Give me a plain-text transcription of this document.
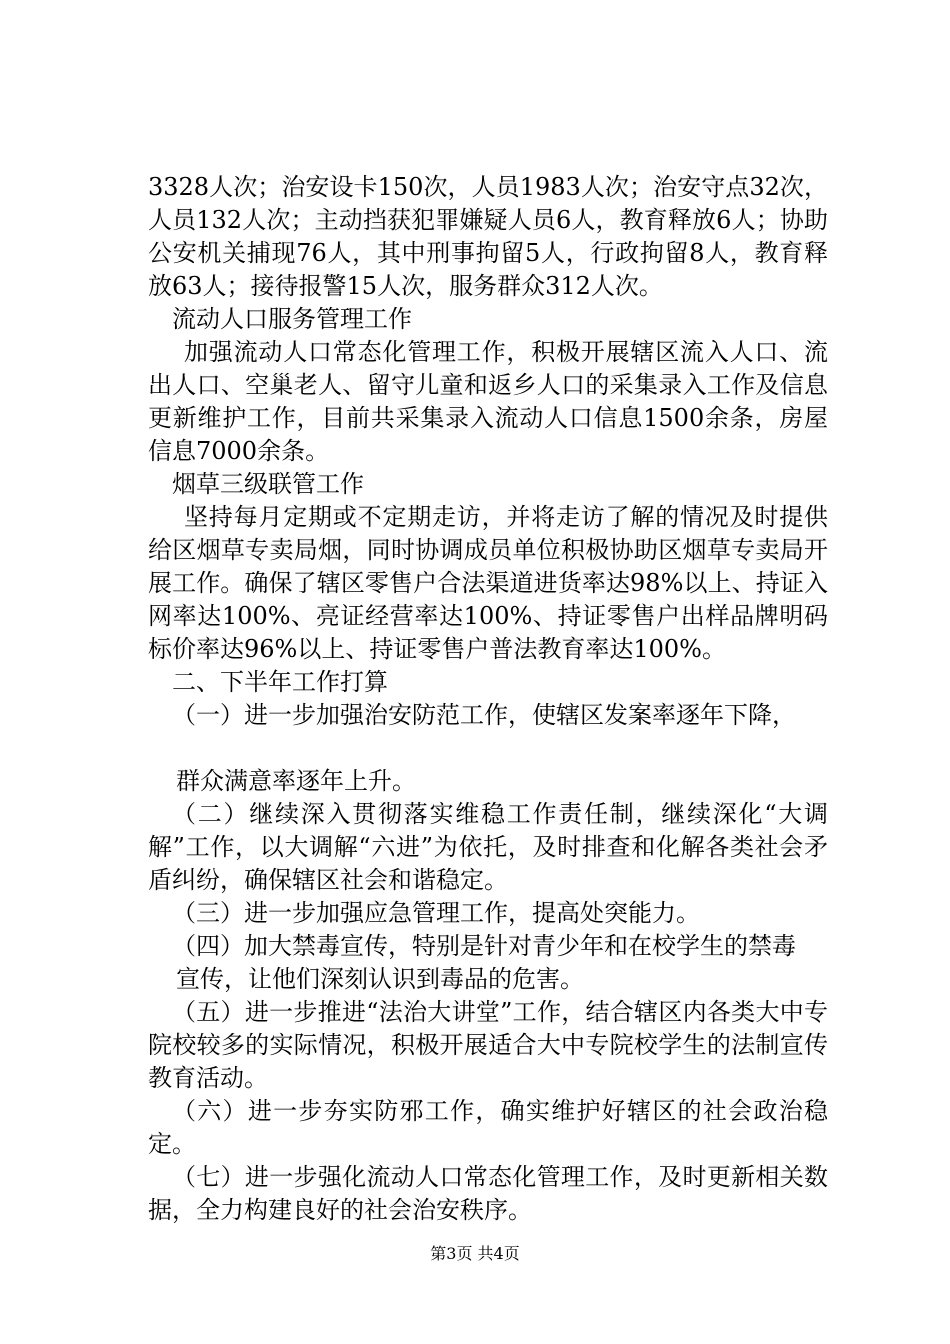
3328人次；治安设卡150次，人员1983人次；治安守点32次，人员132人次；主动挡获犯罪嫌疑人员6人，教育释放6人；协助公安机关捕现76人，其中刑事拘留5人，行政拘留8人，教育释放63人；接待报警15人次，服务群众312人次。

流动人口服务管理工作

加强流动人口常态化管理工作，积极开展辖区流入人口、流出人口、空巢老人、留守儿童和返乡人口的采集录入工作及信息更新维护工作，目前共采集录入流动人口信息1500余条，房屋信息7000余条。

烟草三级联管工作

坚持每月定期或不定期走访，并将走访了解的情况及时提供给区烟草专卖局烟，同时协调成员单位积极协助区烟草专卖局开展工作。确保了辖区零售户合法渠道进货率达98%以上、持证入网率达100%、亮证经营率达100%、持证零售户出样品牌明码标价率达96%以上、持证零售户普法教育率达100%。

二、下半年工作打算

（一）进一步加强治安防范工作，使辖区发案率逐年下降，

群众满意率逐年上升。

（二）继续深入贯彻落实维稳工作责任制，继续深化“大调解”工作，以大调解“六进”为依托，及时排查和化解各类社会矛盾纠纷，确保辖区社会和谐稳定。

（三）进一步加强应急管理工作，提高处突能力。

（四）加大禁毒宣传，特别是针对青少年和在校学生的禁毒

宣传，让他们深刻认识到毒品的危害。

（五）进一步推进“法治大讲堂”工作，结合辖区内各类大中专院校较多的实际情况，积极开展适合大中专院校学生的法制宣传教育活动。

（六）进一步夯实防邪工作，确实维护好辖区的社会政治稳定。

（七）进一步强化流动人口常态化管理工作，及时更新相关数据，全力构建良好的社会治安秩序。

第3页 共4页
